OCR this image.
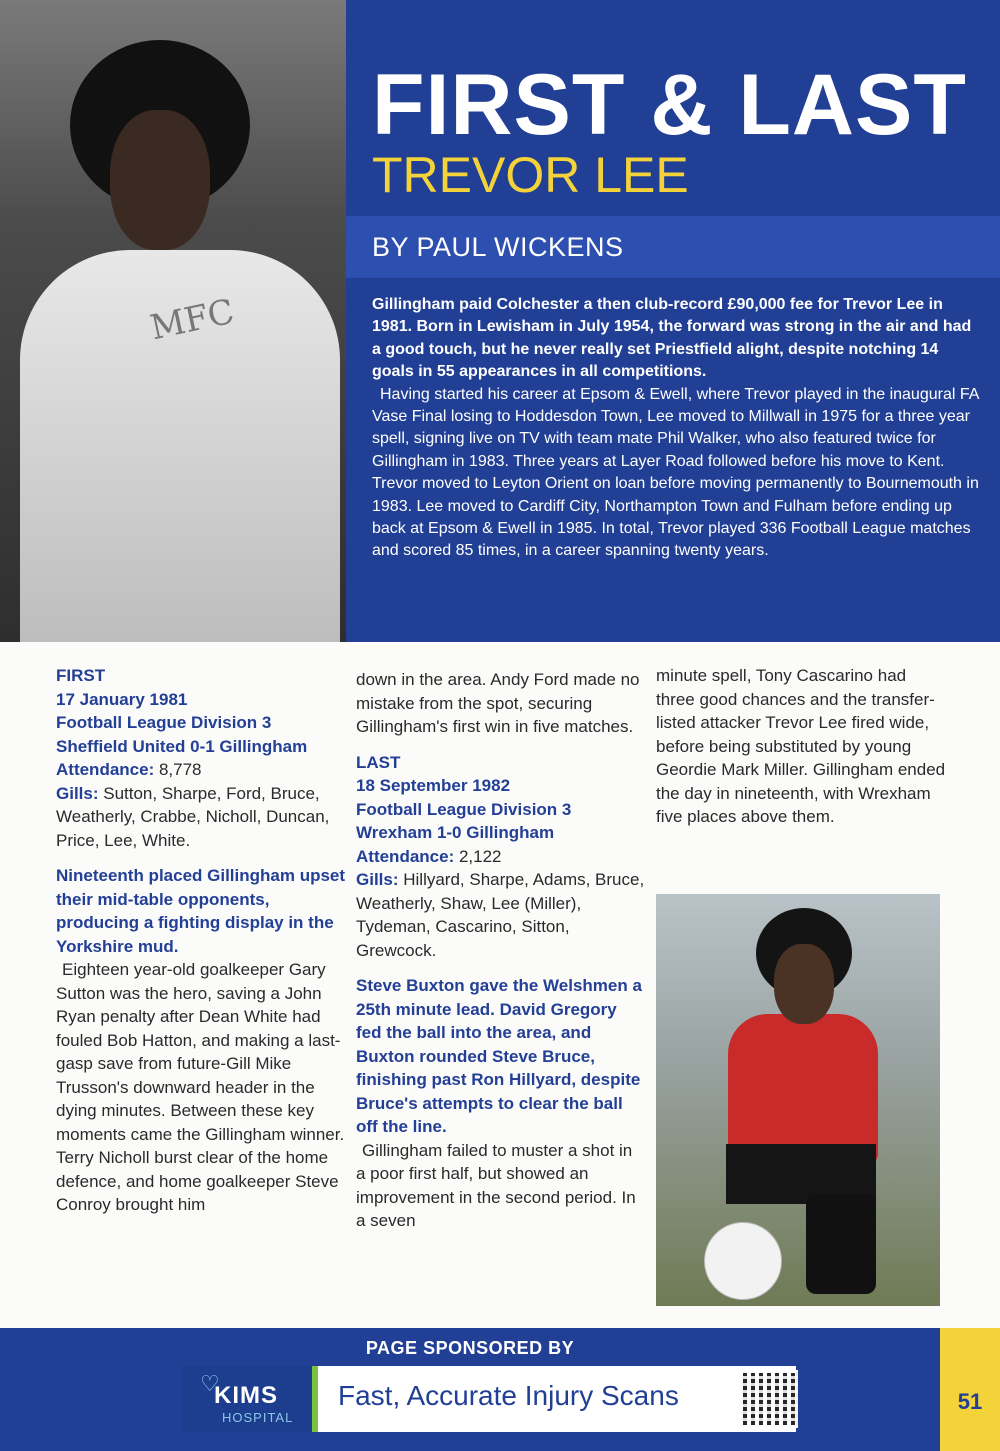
MFC
FIRST & LAST
TREVOR LEE
BY PAUL WICKENS

Gillingham paid Colchester a then club-record £90,000 fee for Trevor Lee in 1981. Born in Lewisham in July 1954, the forward was strong in the air and had a good touch, but he never really set Priestfield alight, despite notching 14 goals in 55 appearances in all competitions.

Having started his career at Epsom & Ewell, where Trevor played in the inaugural FA Vase Final losing to Hoddesdon Town, Lee moved to Millwall in 1975 for a three year spell, signing live on TV with team mate Phil Walker, who also featured twice for Gillingham in 1983. Three years at Layer Road followed before his move to Kent. Trevor moved to Leyton Orient on loan before moving permanently to Bournemouth in 1983. Lee moved to Cardiff City, Northampton Town and Fulham before ending up back at Epsom & Ewell in 1985. In total, Trevor played 336 Football League matches and scored 85 times, in a career spanning twenty years.

FIRST

17 January 1981

Football League Division 3

Sheffield United 0-1 Gillingham

Attendance: 8,778

Gills: Sutton, Sharpe, Ford, Bruce, Weatherly, Crabbe, Nicholl, Duncan, Price, Lee, White.

Nineteenth placed Gillingham upset their mid-table opponents, producing a fighting display in the Yorkshire mud.

Eighteen year-old goalkeeper Gary Sutton was the hero, saving a John Ryan penalty after Dean White had fouled Bob Hatton, and making a last-gasp save from future-Gill Mike Trusson's downward header in the dying minutes. Between these key moments came the Gillingham winner. Terry Nicholl burst clear of the home defence, and home goalkeeper Steve Conroy brought him

down in the area. Andy Ford made no mistake from the spot, securing Gillingham's first win in five matches.

LAST

18 September 1982

Football League Division 3

Wrexham 1-0 Gillingham

Attendance: 2,122

Gills: Hillyard, Sharpe, Adams, Bruce, Weatherly, Shaw, Lee (Miller), Tydeman, Cascarino, Sitton, Grewcock.

Steve Buxton gave the Welshmen a 25th minute lead. David Gregory fed the ball into the area, and Buxton rounded Steve Bruce, finishing past Ron Hillyard, despite Bruce's attempts to clear the ball off the line.

Gillingham failed to muster a shot in a poor first half, but showed an improvement in the second period. In a seven

minute spell, Tony Cascarino had three good chances and the transfer-listed attacker Trevor Lee fired wide, before being substituted by young Geordie Mark Miller. Gillingham ended the day in nineteenth, with Wrexham five places above them.

PAGE SPONSORED BY
♡
KIMS
HOSPITAL
Fast, Accurate Injury Scans	51
